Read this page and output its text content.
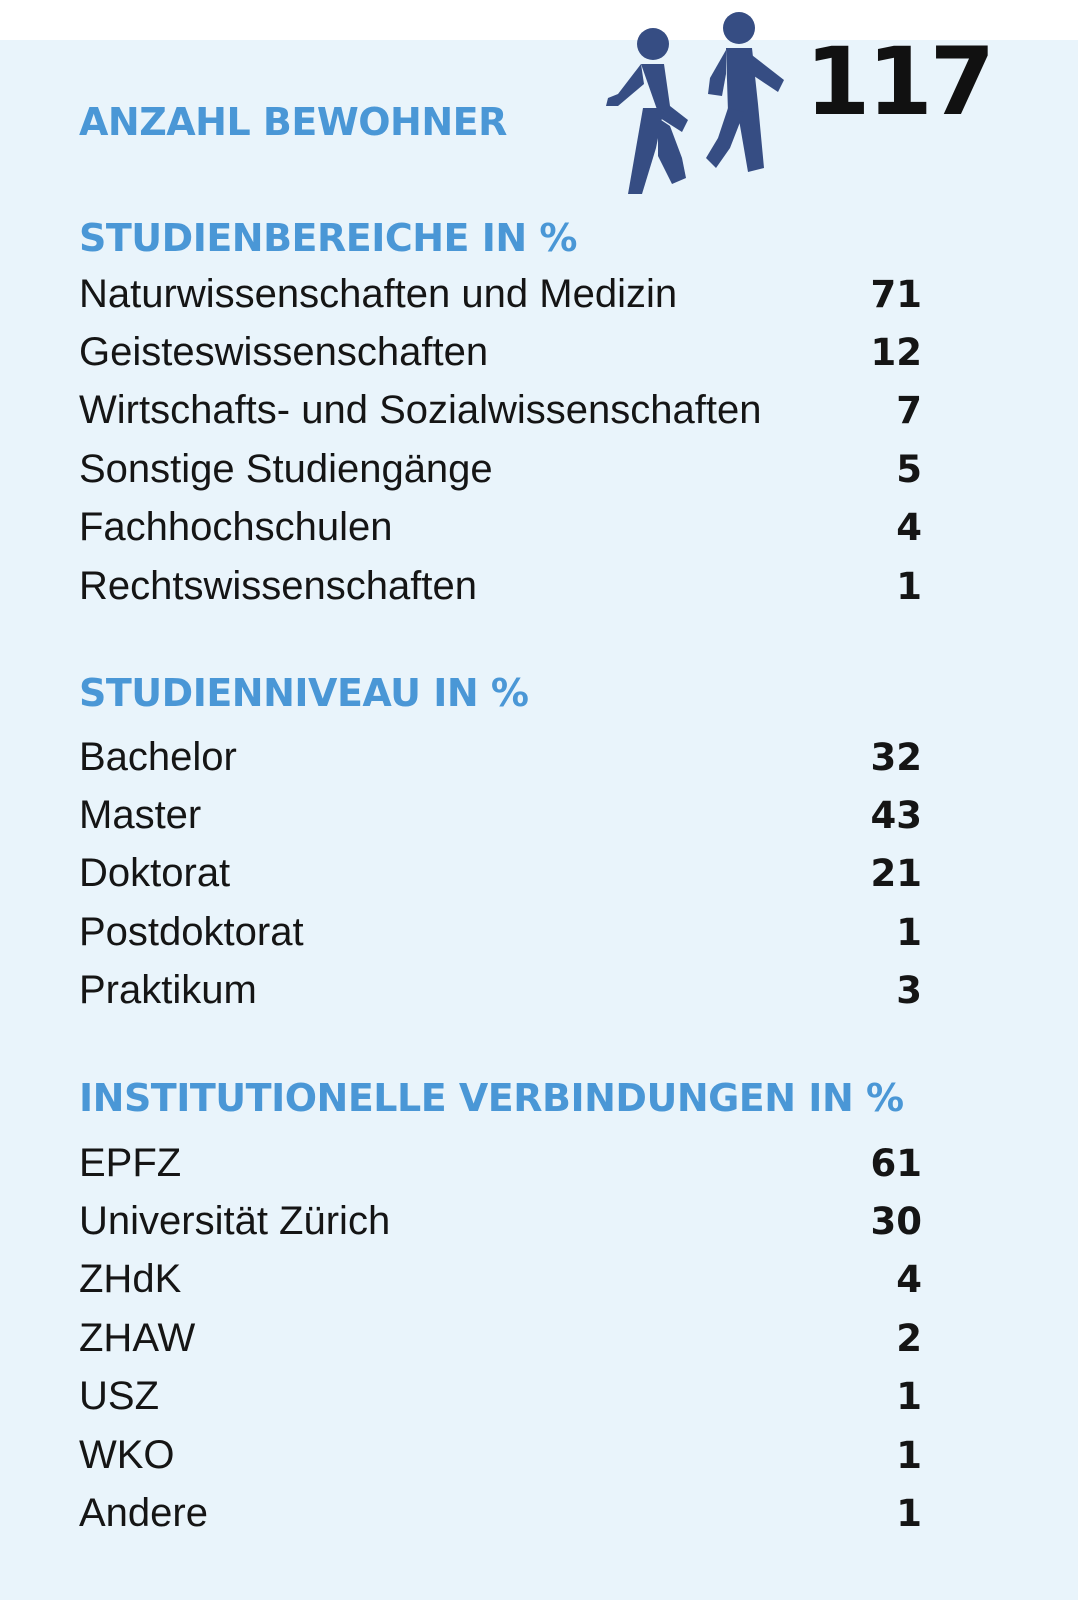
ANZAHL BEWOHNER	117
STUDIENBEREICHE IN %
Naturwissenschaften und Medizin	71
Geisteswissenschaften	12
Wirtschafts- und Sozialwissenschaften	7
Sonstige Studiengänge	5
Fachhochschulen	4
Rechtswissenschaften	1
STUDIENNIVEAU IN %
Bachelor	32
Master	43
Doktorat	21
Postdoktorat	1
Praktikum	3
INSTITUTIONELLE VERBINDUNGEN IN %
EPFZ	61
Universität Zürich	30
ZHdK	4
ZHAW	2
USZ	1
WKO	1
Andere	1
